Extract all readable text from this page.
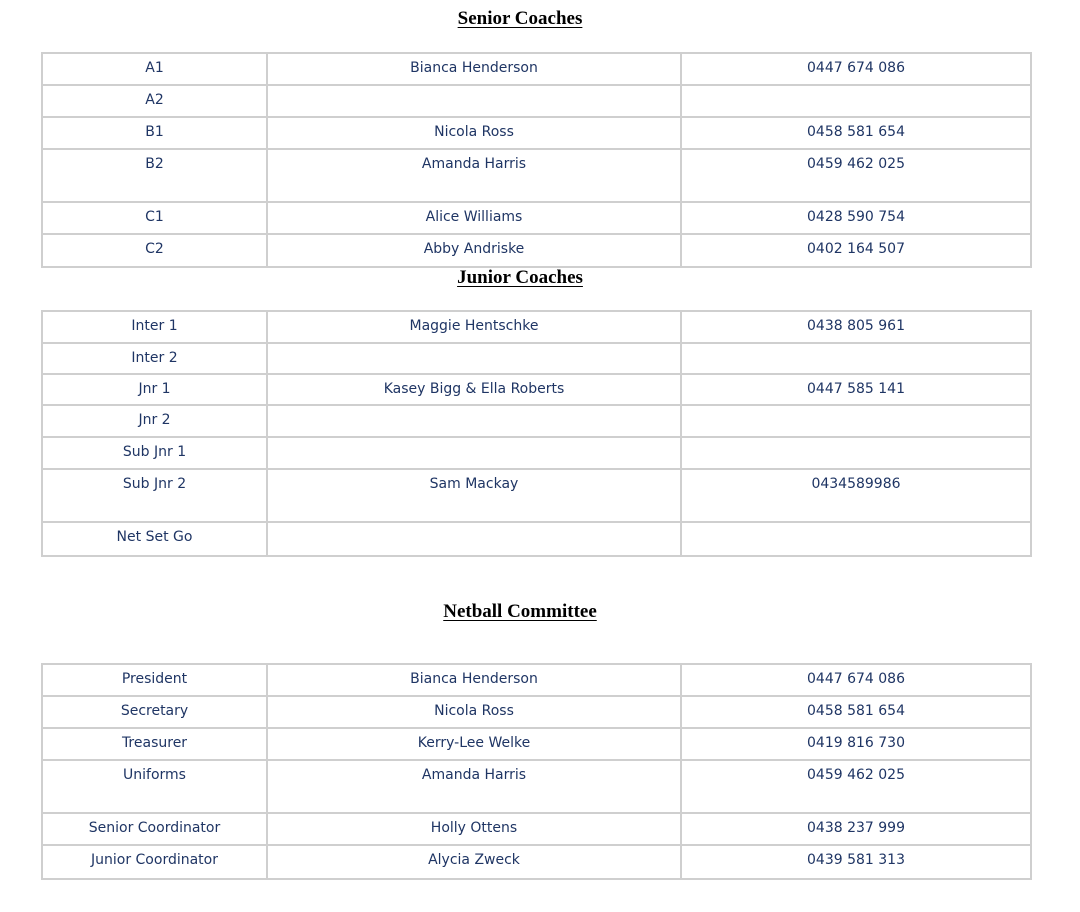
Senior Coaches
A1	Bianca Henderson	0447 674 086
A2
B1	Nicola Ross	0458 581 654
B2	Amanda Harris	0459 462 025
C1	Alice Williams	0428 590 754
C2	Abby Andriske	0402 164 507
Junior Coaches
Inter 1	Maggie Hentschke	0438 805 961
Inter 2
Jnr 1	Kasey Bigg & Ella Roberts	0447 585 141
Jnr 2
Sub Jnr 1
Sub Jnr 2	Sam Mackay	0434589986
Net Set Go
Netball Committee
President	Bianca Henderson	0447 674 086
Secretary	Nicola Ross	0458 581 654
Treasurer	Kerry-Lee Welke	0419 816 730
Uniforms	Amanda Harris	0459 462 025
Senior Coordinator	Holly Ottens	0438 237 999
Junior Coordinator	Alycia Zweck	0439 581 313
